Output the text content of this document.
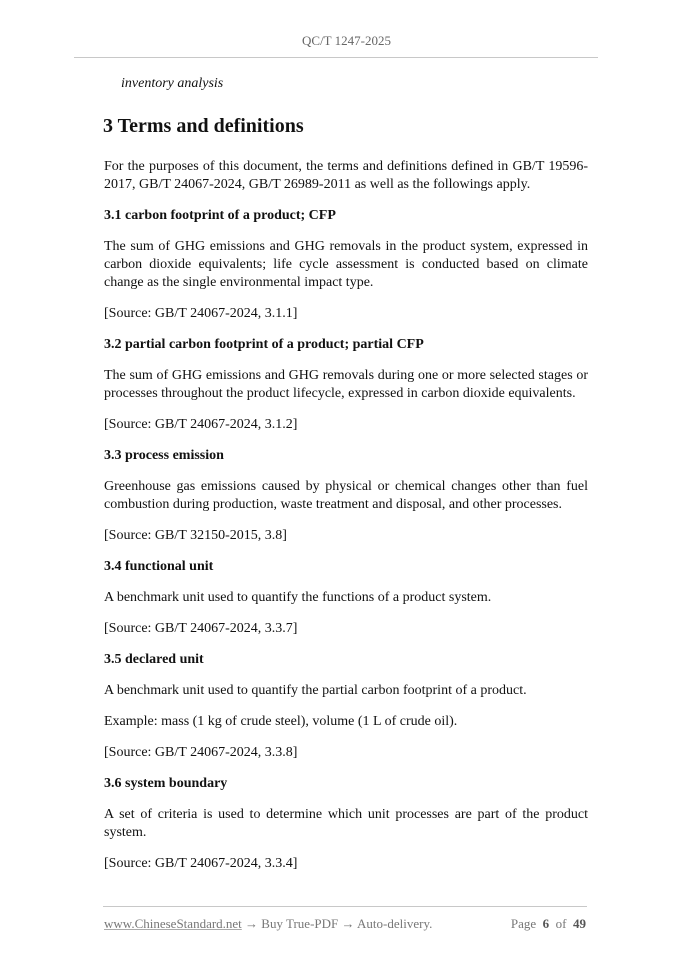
QC/T 1247-2025
inventory analysis
3 Terms and definitions

For the purposes of this document, the terms and definitions defined in GB/T 19596-2017, GB/T 24067-2024, GB/T 26989-2011 as well as the followings apply.

3.1 carbon footprint of a product; CFP

The sum of GHG emissions and GHG removals in the product system, expressed in carbon dioxide equivalents; life cycle assessment is conducted based on climate change as the single environmental impact type.

[Source: GB/T 24067-2024, 3.1.1]

3.2 partial carbon footprint of a product; partial CFP

The sum of GHG emissions and GHG removals during one or more selected stages or processes throughout the product lifecycle, expressed in carbon dioxide equivalents.

[Source: GB/T 24067-2024, 3.1.2]

3.3 process emission

Greenhouse gas emissions caused by physical or chemical changes other than fuel combustion during production, waste treatment and disposal, and other processes.

[Source: GB/T 32150-2015, 3.8]

3.4 functional unit

A benchmark unit used to quantify the functions of a product system.

[Source: GB/T 24067-2024, 3.3.7]

3.5 declared unit

A benchmark unit used to quantify the partial carbon footprint of a product.

Example: mass (1 kg of crude steel), volume (1 L of crude oil).

[Source: GB/T 24067-2024, 3.3.8]

3.6 system boundary

A set of criteria is used to determine which unit processes are part of the product system.

[Source: GB/T 24067-2024, 3.3.4]

www.ChineseStandard.net → Buy True-PDF → Auto-delivery.	Page 6 of 49
